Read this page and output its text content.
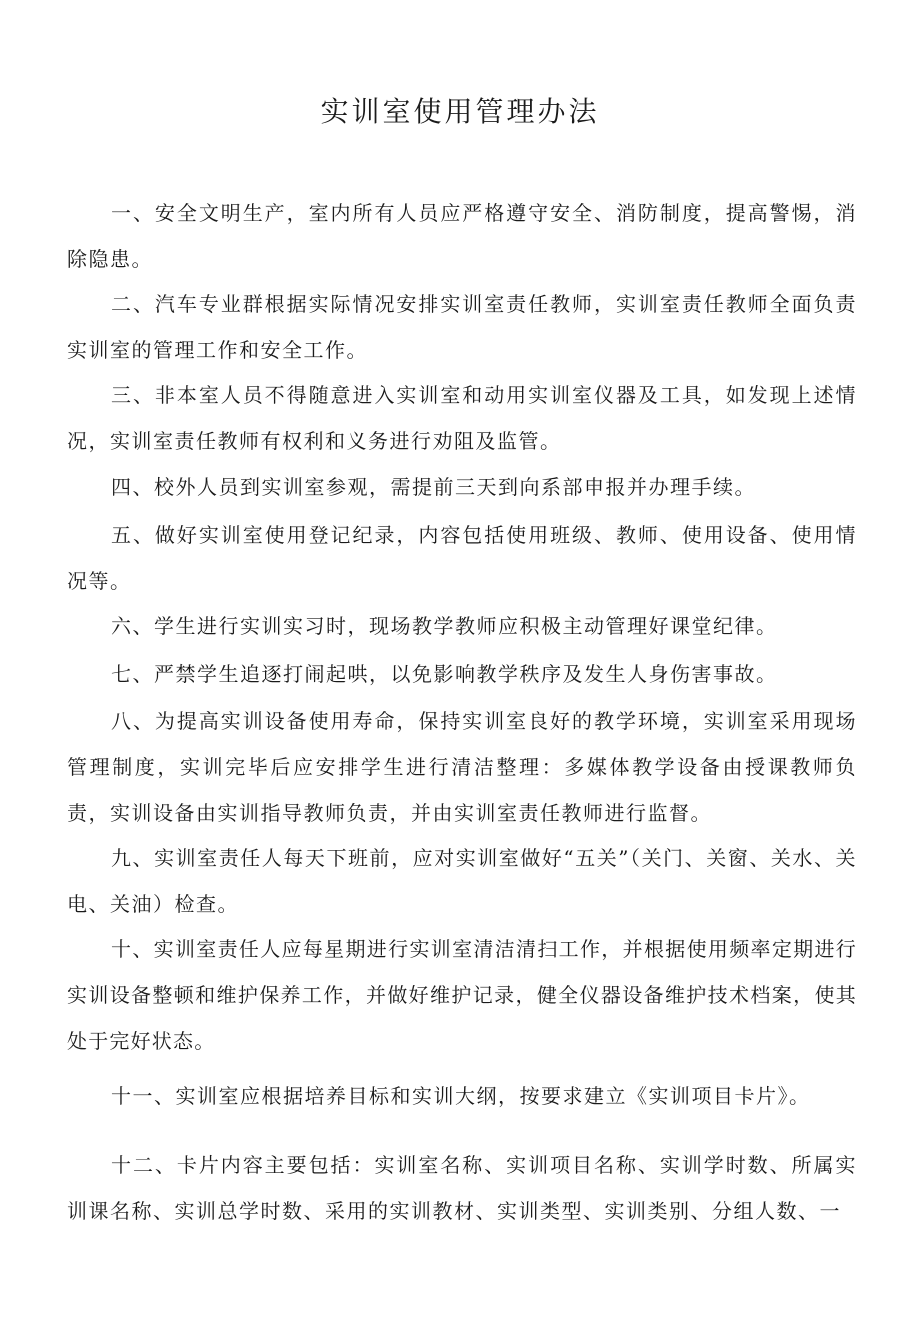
实训室使用管理办法

一、安全文明生产，室内所有人员应严格遵守安全、消防制度，提高警惕，消除隐患。

二、汽车专业群根据实际情况安排实训室责任教师，实训室责任教师全面负责实训室的管理工作和安全工作。

三、非本室人员不得随意进入实训室和动用实训室仪器及工具，如发现上述情况，实训室责任教师有权利和义务进行劝阻及监管。

四、校外人员到实训室参观，需提前三天到向系部申报并办理手续。

五、做好实训室使用登记纪录，内容包括使用班级、教师、使用设备、使用情况等。

六、学生进行实训实习时，现场教学教师应积极主动管理好课堂纪律。

七、严禁学生追逐打闹起哄，以免影响教学秩序及发生人身伤害事故。

八、为提高实训设备使用寿命，保持实训室良好的教学环境，实训室采用现场管理制度，实训完毕后应安排学生进行清洁整理：多媒体教学设备由授课教师负责，实训设备由实训指导教师负责，并由实训室责任教师进行监督。

九、实训室责任人每天下班前，应对实训室做好“五关”（关门、关窗、关水、关电、关油）检查。

十、实训室责任人应每星期进行实训室清洁清扫工作，并根据使用频率定期进行实训设备整顿和维护保养工作，并做好维护记录，健全仪器设备维护技术档案，使其处于完好状态。

十一、实训室应根据培养目标和实训大纲，按要求建立《实训项目卡片》。

十二、卡片内容主要包括：实训室名称、实训项目名称、实训学时数、所属实训课名称、实训总学时数、采用的实训教材、实训类型、实训类别、分组人数、一
